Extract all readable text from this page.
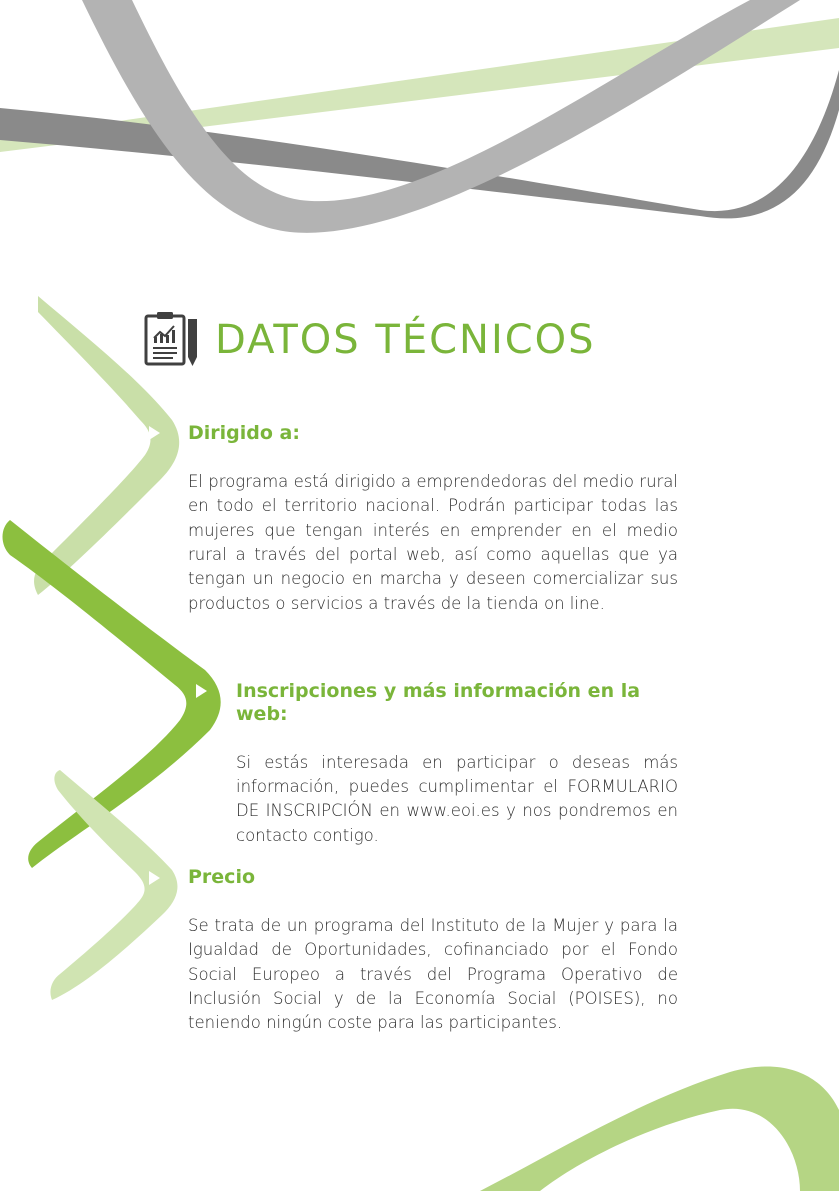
DATOS TÉCNICOS
Dirigido a:

El programa está dirigido a emprendedoras del medio rural en todo el territorio nacional. Podrán participar todas las mujeres que tengan interés en emprender en el medio rural a través del portal web, así como aquellas que ya tengan un negocio en marcha y deseen comercializar sus productos o servicios a través de la tienda on line.

Inscripciones y más información en la web:

Si estás interesada en participar o deseas más información, puedes cumplimentar el FORMULARIO DE INSCRIPCIÓN en www.eoi.es y nos pondremos en contacto contigo.

Precio

Se trata de un programa del Instituto de la Mujer y para la Igualdad de Oportunidades, cofinanciado por el Fondo Social Europeo a través del Programa Operativo de Inclusión Social y de la Economía Social (POISES), no teniendo ningún coste para las participantes.
